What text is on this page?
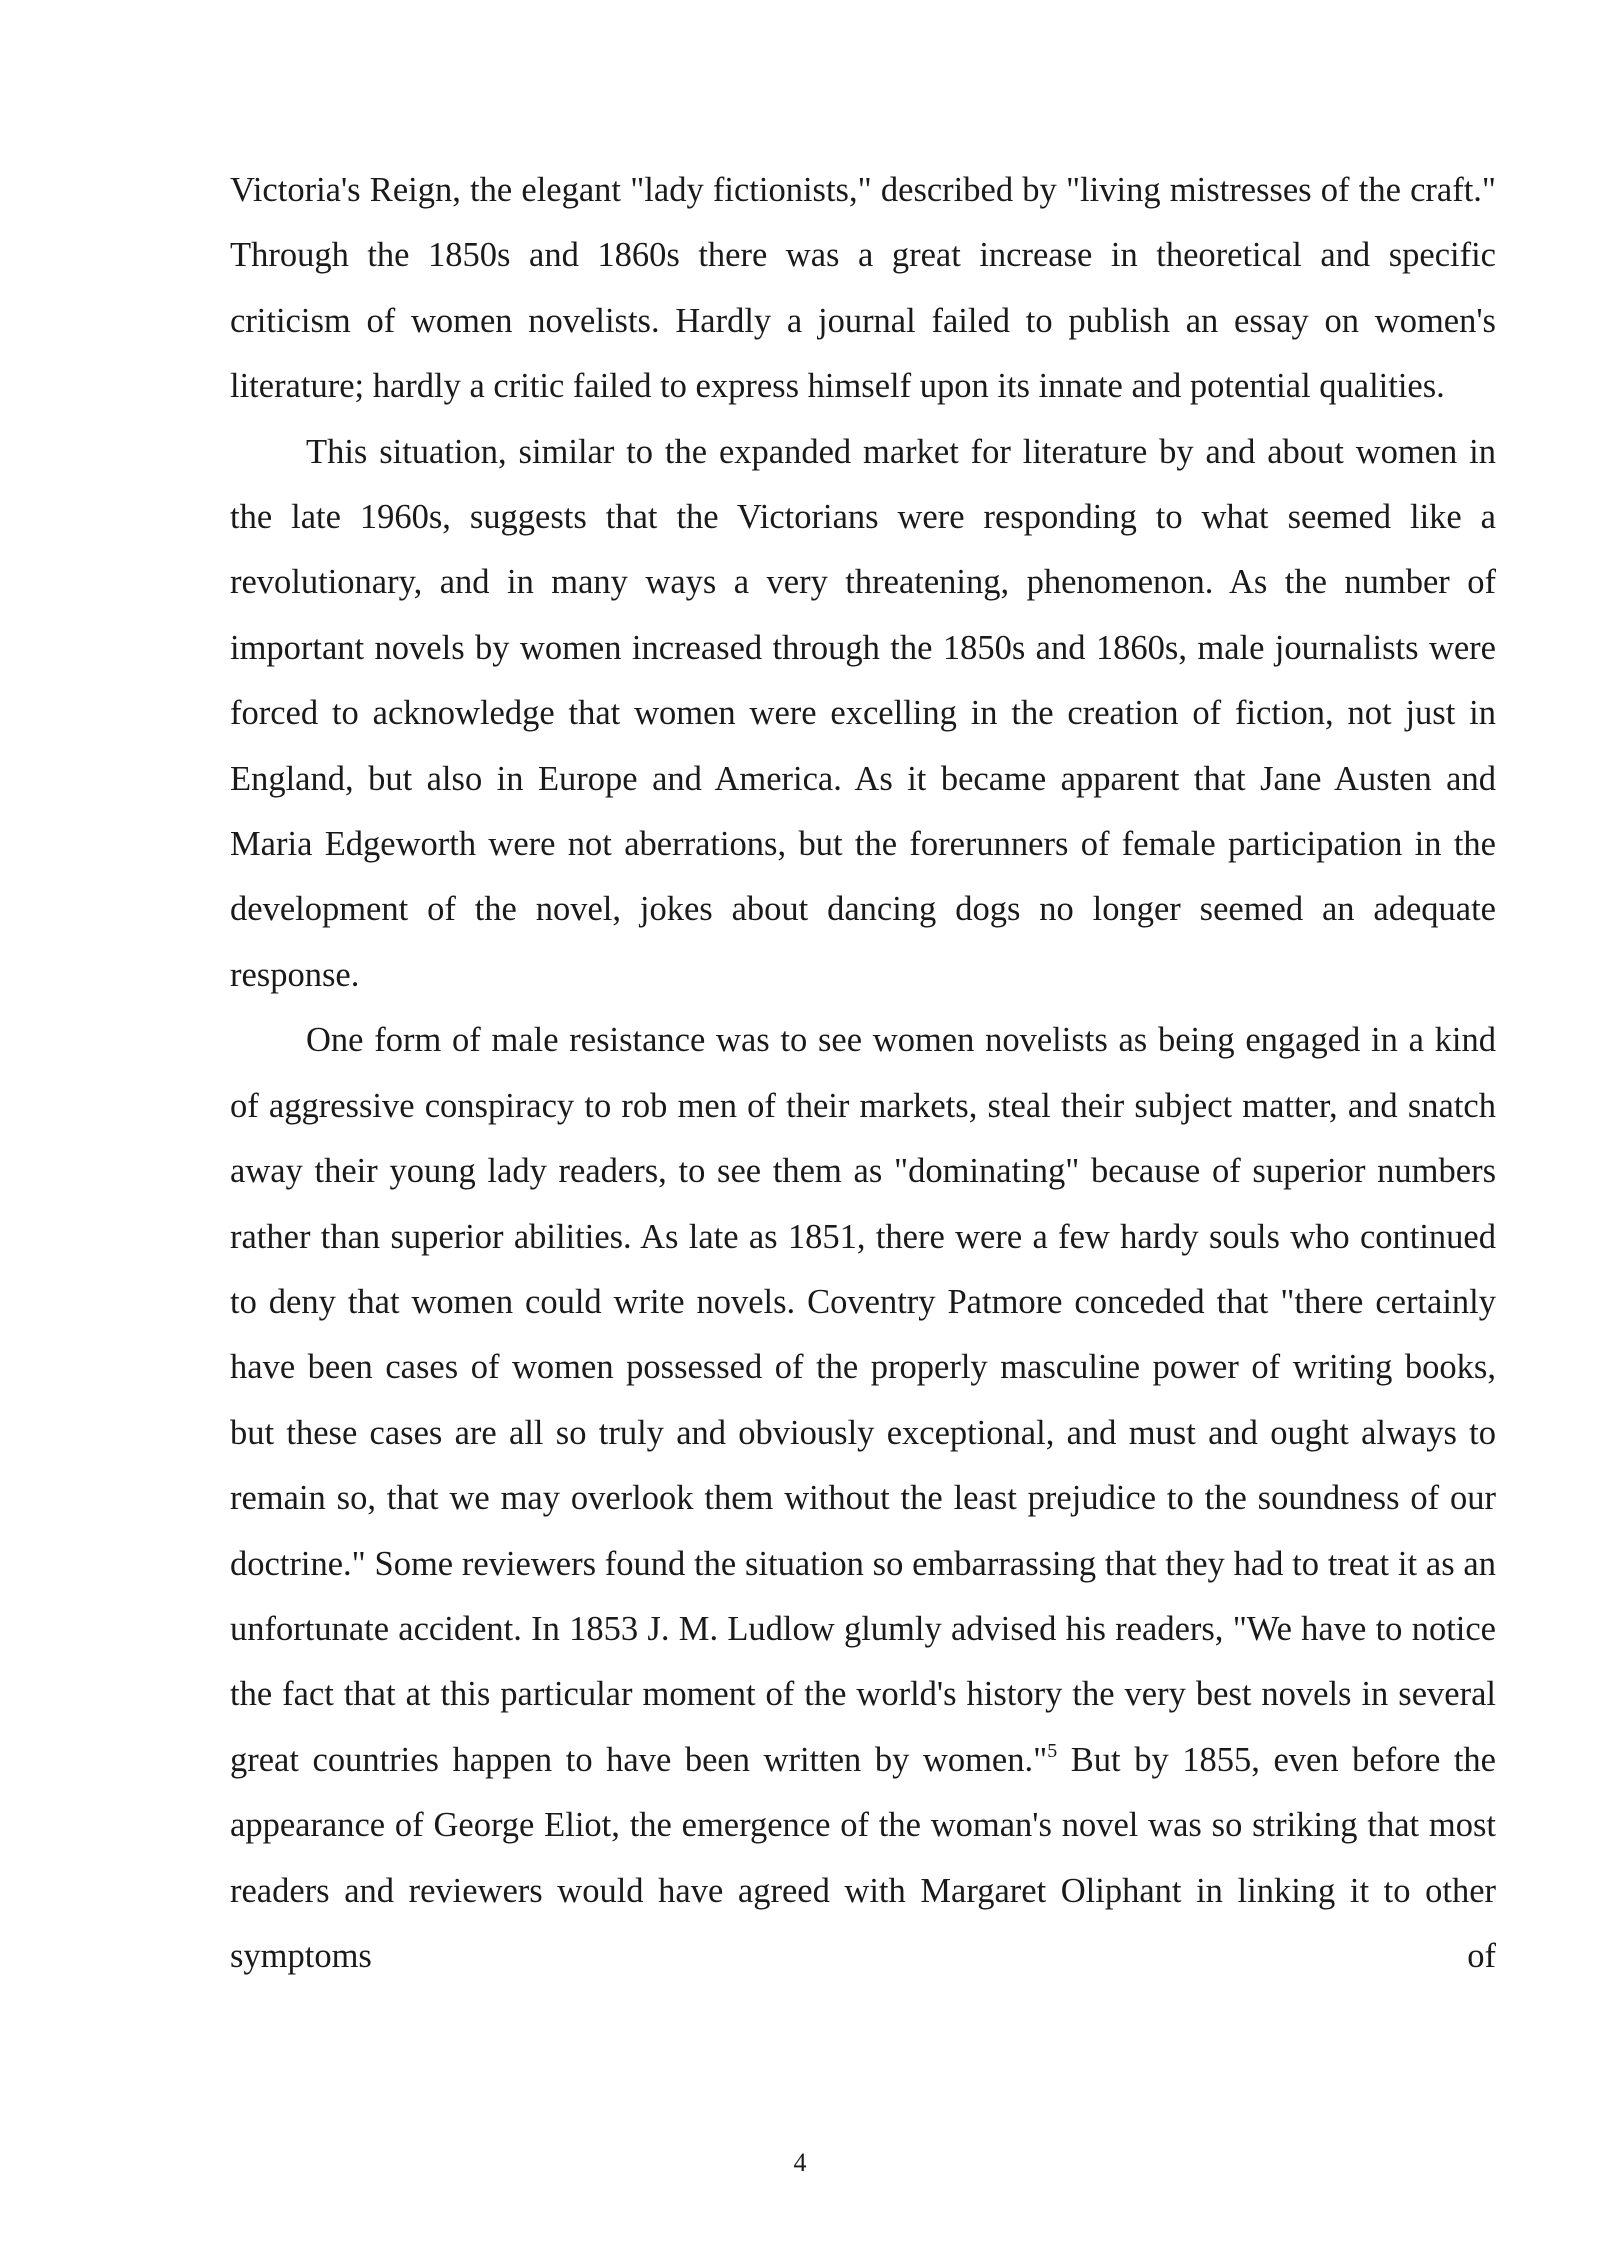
Victoria's Reign, the elegant "lady fictionists," described by "living mistresses of the craft." Through the 1850s and 1860s there was a great increase in theoretical and specific criticism of women novelists. Hardly a journal failed to publish an essay on women's literature; hardly a critic failed to express himself upon its innate and potential qualities.

This situation, similar to the expanded market for literature by and about women in the late 1960s, suggests that the Victorians were responding to what seemed like a revolutionary, and in many ways a very threatening, phenomenon. As the number of important novels by women increased through the 1850s and 1860s, male journalists were forced to acknowledge that women were excelling in the creation of fiction, not just in England, but also in Europe and America. As it became apparent that Jane Austen and Maria Edgeworth were not aberrations, but the forerunners of female participation in the development of the novel, jokes about dancing dogs no longer seemed an adequate response.

One form of male resistance was to see women novelists as being engaged in a kind of aggressive conspiracy to rob men of their markets, steal their subject matter, and snatch away their young lady readers, to see them as "dominating" because of superior numbers rather than superior abilities. As late as 1851, there were a few hardy souls who continued to deny that women could write novels. Coventry Patmore conceded that "there certainly have been cases of women possessed of the properly masculine power of writing books, but these cases are all so truly and obviously exceptional, and must and ought always to remain so, that we may overlook them without the least prejudice to the soundness of our doctrine." Some reviewers found the situation so embarrassing that they had to treat it as an unfortunate accident. In 1853 J. M. Ludlow glumly advised his readers, "We have to notice the fact that at this particular moment of the world's history the very best novels in several great countries happen to have been written by women."$^5$ But by 1855, even before the appearance of George Eliot, the emergence of the woman's novel was so striking that most readers and reviewers would have agreed with Margaret Oliphant in linking it to other symptoms of

4
